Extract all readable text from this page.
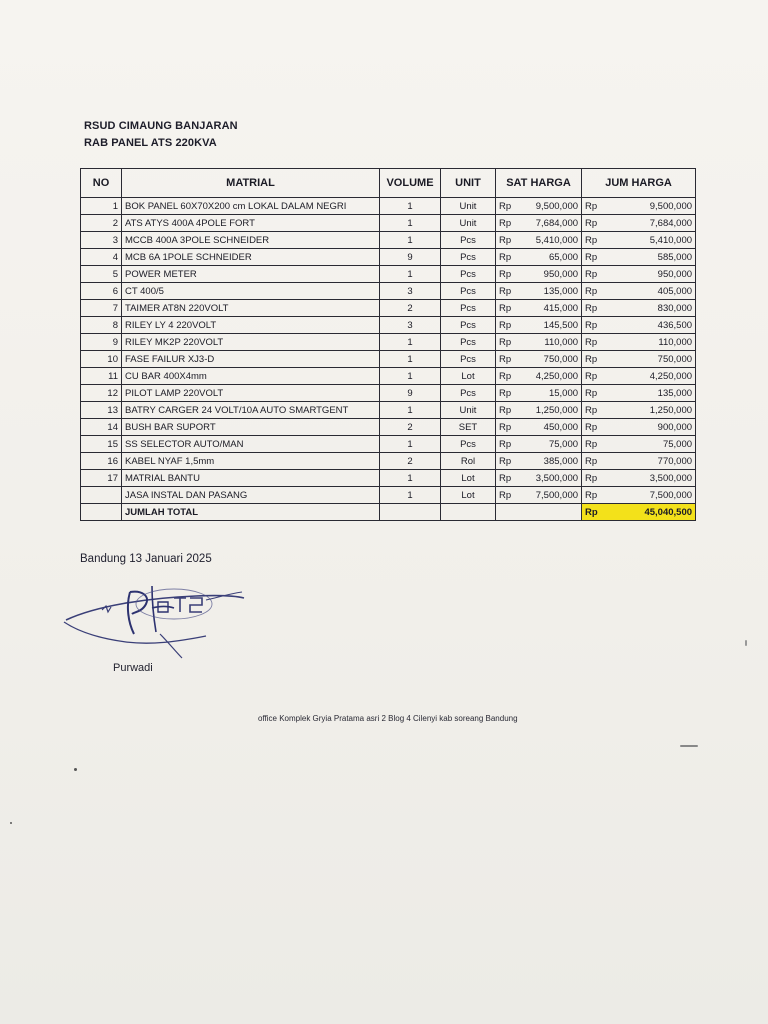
RSUD CIMAUNG BANJARAN
RAB PANEL ATS 220KVA
NO	MATRIAL	VOLUME	UNIT	SAT HARGA		JUM HARGA	
1	BOK PANEL 60X70X200 cm LOKAL DALAM NEGRI	1	Unit	Rp	9,500,000	Rp	9,500,000
2	ATS ATYS 400A 4POLE FORT	1	Unit	Rp	7,684,000	Rp	7,684,000
3	MCCB 400A 3POLE SCHNEIDER	1	Pcs	Rp	5,410,000	Rp	5,410,000
4	MCB 6A 1POLE SCHNEIDER	9	Pcs	Rp	65,000	Rp	585,000
5	POWER METER	1	Pcs	Rp	950,000	Rp	950,000
6	CT 400/5	3	Pcs	Rp	135,000	Rp	405,000
7	TAIMER AT8N 220VOLT	2	Pcs	Rp	415,000	Rp	830,000
8	RILEY LY 4 220VOLT	3	Pcs	Rp	145,500	Rp	436,500
9	RILEY MK2P 220VOLT	1	Pcs	Rp	110,000	Rp	110,000
10	FASE FAILUR XJ3-D	1	Pcs	Rp	750,000	Rp	750,000
11	CU BAR 400X4mm	1	Lot	Rp	4,250,000	Rp	4,250,000
12	PILOT LAMP 220VOLT	9	Pcs	Rp	15,000	Rp	135,000
13	BATRY CARGER 24 VOLT/10A AUTO SMARTGENT	1	Unit	Rp	1,250,000	Rp	1,250,000
14	BUSH BAR SUPORT	2	SET	Rp	450,000	Rp	900,000
15	SS SELECTOR AUTO/MAN	1	Pcs	Rp	75,000	Rp	75,000
16	KABEL NYAF 1,5mm	2	Rol	Rp	385,000	Rp	770,000
17	MATRIAL BANTU	1	Lot	Rp	3,500,000	Rp	3,500,000
	JASA INSTAL DAN PASANG	1	Lot	Rp	7,500,000	Rp	7,500,000
	JUMLAH TOTAL					Rp	45,040,500
Bandung 13 Januari 2025
Purwadi
office Komplek Gryia Pratama asri 2 Blog 4 Cilenyi kab soreang Bandung
